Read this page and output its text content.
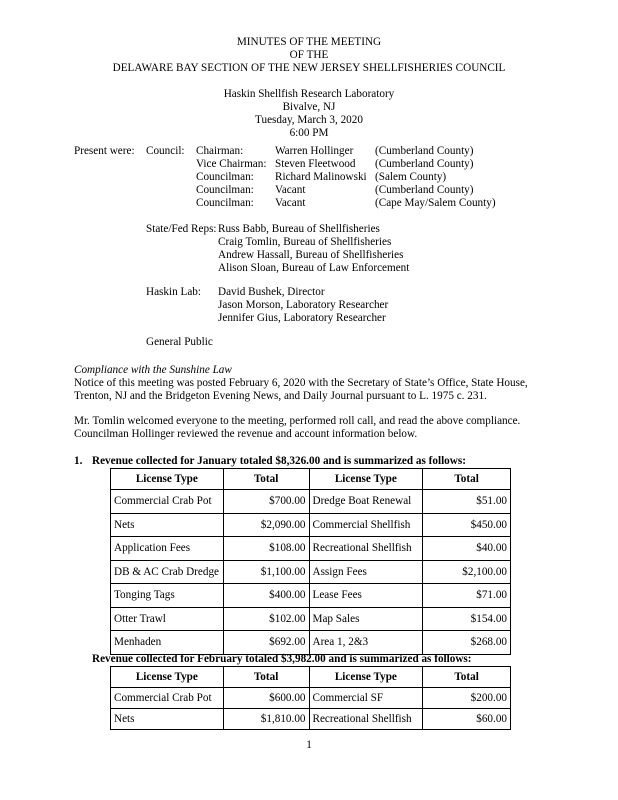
MINUTES OF THE MEETING
OF THE
DELAWARE BAY SECTION OF THE NEW JERSEY SHELLFISHERIES COUNCIL
Haskin Shellfish Research Laboratory
Bivalve, NJ
Tuesday, March 3, 2020
6:00 PM
Present were: Council: Chairman:	Warren Hollinger (Cumberland County)
Vice Chairman: Steven Fleetwood (Cumberland County)
Councilman: Richard Malinowski (Salem County)
Councilman: Vacant	(Cumberland County)
Councilman: Vacant	(Cape May/Salem County)
State/Fed Reps: Russ Babb, Bureau of Shellfisheries
Craig Tomlin, Bureau of Shellfisheries
Andrew Hassall, Bureau of Shellfisheries
Alison Sloan, Bureau of Law Enforcement
Haskin Lab: David Bushek, Director
Jason Morson, Laboratory Researcher
Jennifer Gius, Laboratory Researcher
General Public
Compliance with the Sunshine Law
Notice of this meeting was posted February 6, 2020 with the Secretary of State’s Office, State House, Trenton, NJ and the Bridgeton Evening News, and Daily Journal pursuant to L. 1975 c. 231.
Mr. Tomlin welcomed everyone to the meeting, performed roll call, and read the above compliance. Councilman Hollinger reviewed the revenue and account information below.
1. Revenue collected for January totaled $8,326.00 and is summarized as follows:
License Type	Total	License Type	Total
Commercial Crab Pot	$700.00	Dredge Boat Renewal	$51.00
Nets	$2,090.00	Commercial Shellfish	$450.00
Application Fees	$108.00	Recreational Shellfish	$40.00
DB & AC Crab Dredge	$1,100.00	Assign Fees	$2,100.00
Tonging Tags	$400.00	Lease Fees	$71.00
Otter Trawl	$102.00	Map Sales	$154.00
Menhaden	$692.00	Area 1, 2&3	$268.00
Revenue collected for February totaled $3,982.00 and is summarized as follows:
License Type	Total	License Type	Total
Commercial Crab Pot	$600.00	Commercial SF	$200.00
Nets	$1,810.00	Recreational Shellfish	$60.00
1
